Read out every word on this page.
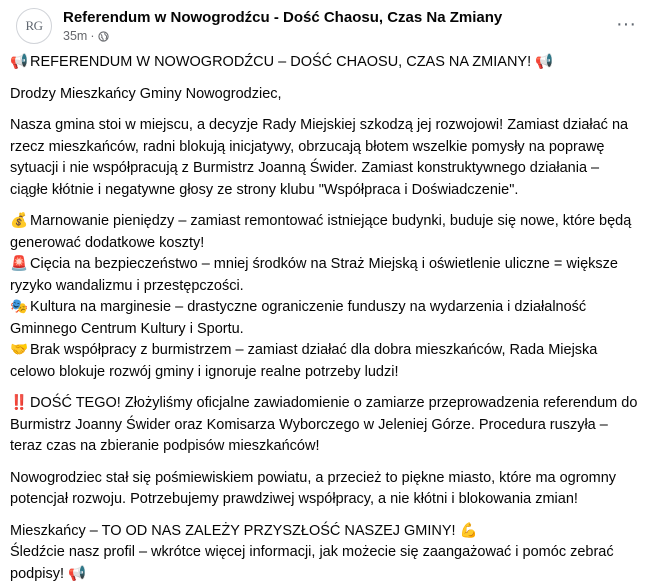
RG Referendum w Nowogrodźcu - Dość Chaosu, Czas Na Zmiany
35m ·
···

📢 REFERENDUM W NOWOGRODŹCU – DOŚĆ CHAOSU, CZAS NA ZMIANY! 📢

Drodzy Mieszkańcy Gminy Nowogrodziec,

Nasza gmina stoi w miejscu, a decyzje Rady Miejskiej szkodzą jej rozwojowi! Zamiast działać na rzecz mieszkańców, radni blokują inicjatywy, obrzucają błotem wszelkie pomysły na poprawę sytuacji i nie współpracują z Burmistrz Joanną Świder. Zamiast konstruktywnego działania – ciągłe kłótnie i negatywne głosy ze strony klubu "Współpraca i Doświadczenie".

💰 Marnowanie pieniędzy – zamiast remontować istniejące budynki, buduje się nowe, które będą generować dodatkowe koszty!

🚨 Cięcia na bezpieczeństwo – mniej środków na Straż Miejską i oświetlenie uliczne = większe ryzyko wandalizmu i przestępczości.

🎭 Kultura na marginesie – drastyczne ograniczenie funduszy na wydarzenia i działalność Gminnego Centrum Kultury i Sportu.

🤝 Brak współpracy z burmistrzem – zamiast działać dla dobra mieszkańców, Rada Miejska celowo blokuje rozwój gminy i ignoruje realne potrzeby ludzi!

‼️ DOŚĆ TEGO! Złożyliśmy oficjalne zawiadomienie o zamiarze przeprowadzenia referendum do Burmistrz Joanny Świder oraz Komisarza Wyborczego w Jeleniej Górze. Procedura ruszyła – teraz czas na zbieranie podpisów mieszkańców!

Nowogrodziec stał się pośmiewiskiem powiatu, a przecież to piękne miasto, które ma ogromny potencjał rozwoju. Potrzebujemy prawdziwej współpracy, a nie kłótni i blokowania zmian!

Mieszkańcy – TO OD NAS ZALEŻY PRZYSZŁOŚĆ NASZEJ GMINY! 💪

Śledźcie nasz profil – wkrótce więcej informacji, jak możecie się zaangażować i pomóc zebrać podpisy! 📢
